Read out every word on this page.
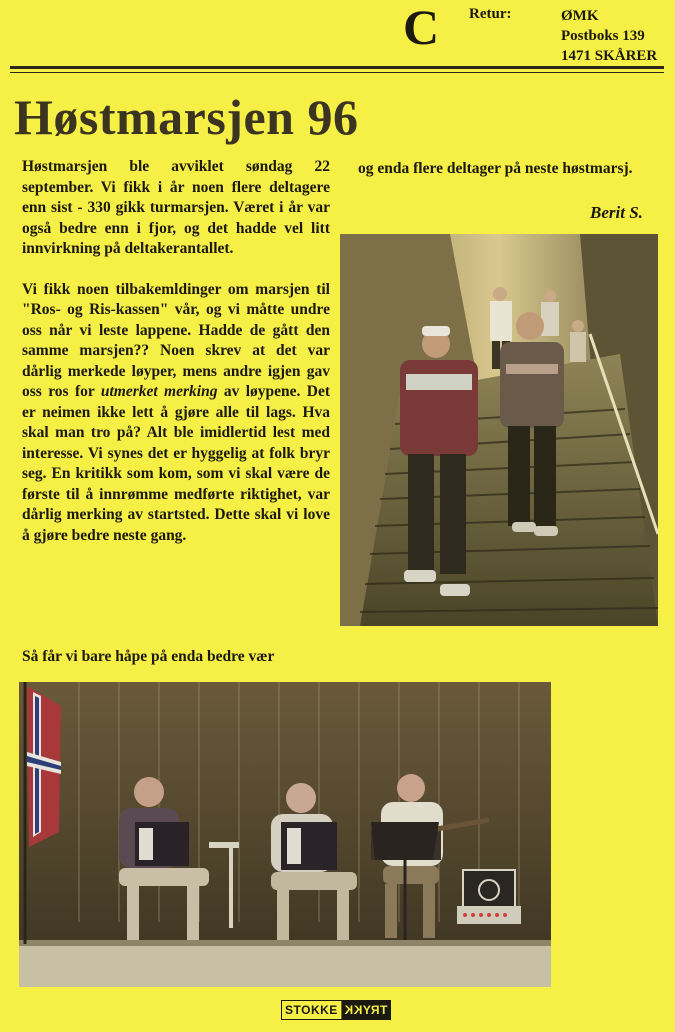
C Retur:	ØMK
Postboks 139
1471 SKÅRER
Høstmarsjen 96

Høstmarsjen ble avviklet søndag 22 september. Vi fikk i år noen flere deltagere enn sist - 330 gikk turmarsjen. Været i år var også bedre enn i fjor, og det hadde vel litt innvirkning på deltakerantallet.

Vi fikk noen tilbakemldinger om marsjen til "Ros- og Ris-kassen" vår, og vi måtte undre oss når vi leste lappene. Hadde de gått den samme marsjen?? Noen skrev at det var dårlig merkede løyper, mens andre igjen gav oss ros for utmerket merking av løypene. Det er neimen ikke lett å gjøre alle til lags. Hva skal man tro på? Alt ble imidlertid lest med interesse. Vi synes det er hyggelig at folk bryr seg. En kritikk som kom, som vi skal være de første til å innrømme medførte riktighet, var dårlig merking av startsted. Dette skal vi love å gjøre bedre neste gang.

Så får vi bare håpe på enda bedre vær
og enda flere deltager på neste høstmarsj.
Berit S.
STOKKE TRYKK
